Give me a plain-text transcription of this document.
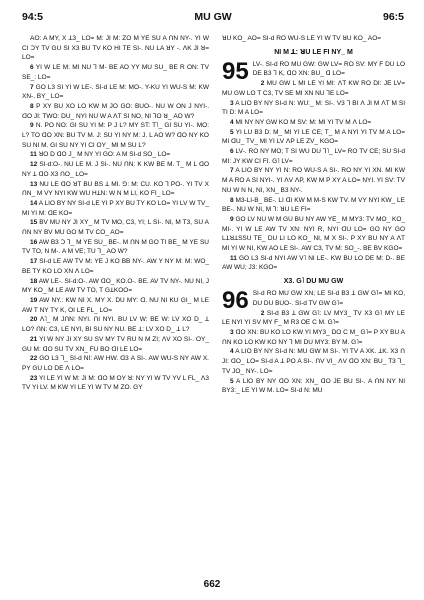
94:5	MU GW	96:5

ꓮO: A MY, X ꓕ3_ LO= M: JI M: ZO M YE SU A ꓵN NY-. YI W CI ꓛY TV GU SI X3 BU TV KO HI TE SI-. NU LA ꓤY -. ꓥK JI ꓤ= LO=

6 YI W LE M: MI NU ꓶ M- BE AO YY MU SU_ BE R ON: TV SE_: LO=

7 GO L3 SI YI W LE-. SI-d LE M: MO-. Y-KU YI WU-S M: KW XN-. BY_ LO=

8 P XY BU XO LO KW M JO GO: BUO-. NU W ON J NYI-. ꓷO JI: TWO: DU_ NYI NU W A ꓥT SI NO, NI ꓶO ꓤ_ AO W?

9 N. PO NO: GI SU YI M: P J L? MY ST: T˥_ GI SU YI-. MO: L? TO ꓷO XN: BU TV M. J: SU YI NY M: J. L AO W? ꓷO NY KO SU NI M. GI SU NY YI CI OY_ MI M SU L?

11 ꓤO D ꓷO J_ M NY YI GO: A M SI-d SO_ LO=

12 SI-d:O-. NU LE M. J SI-. NU ꓵN: K KW BE M. T_ M L ꓷO NY ꓕ ꓷO X3 ꓵO_ LO=

13 NU LE ꓷO ꓤT BU BS ꓕ MI. ꓨ: M: CU. KO ꓶ PO-. YI TV X ꓵN_ M VY NYI KW WU HꓕN: W N M LI, KO FI_ LO=

14 A LIO BY NY SI-d LE YI P XY BU TY KO LO= YI LV W TV_ MI YI M: ꓷE KO=

15 BV MU NY JI XY_ M TV MO, C3, YI; L SI-. NI, M T3, SU A ꓵN NY BV MU GO M TV CO_ AO=

16 AW B3 ꓛ ꓶ_ M YE SU_ BE-. M ꓵN M GO TI BE_ M YE SU TV TO, N M-. A M VE; TU ꓶ_ AO W?

17 SI-d LE AW TV M: YE J KO BB NY-. AW Y NY M: M: WO_ BE TY KO LO XN ꓥ LO=

18 AW LE-. SI-d:O-. AW ꓷO_ KO.O-. BE. AV TV NY-. NU NI, J MY KO_ M LE AW TV TO, T GꓕKOO=

19 AW NY.: KW NI X. MY X. DU MY: ꓷ. NU NI KU GI_ M LE AW T NY TY K, OI LE FL_ LO=

20 ꓥ˥_ M JꓵN: NYI. ꓵI NYI. BU LV W: BE W: LV XO D_ ꓕ LO? ꓵN: C3, LE NYI, BI SU NY NU. BE ꓕ: LV XO D_ ꓕ L?

21 YI W NY JI XY SU SV MY TV RU N M ZI; ꓥV XO SI-. OY_ GU M: ꓷO SU TV XN_ FU BO ꓷI LE LO=

22 GO L3 ꓶ_ SI-d NI: AW HW. ꓷ3 A SI-. AW WU-S NY AW X. PY GU LO DE ꓥ LO=

23 YI LE YI W M: JI M: ꓷO M OY ꓤ: NY YI W TV YV L FL_ ꓥ3 TV YI LV. M KW YI LE YI W TV M ZO. GY

ꓤU KO_ AO= SI-d RO WU-S LE YI W TV ꓤU KO_ AO=

NI M ꓕ: ꓤU LE FI NY_ M
95 LV-. SI-d RO MU GW: GW LV= RO SV: MY F DU LO DE B3 ꓶ K, ꓷO XN: BU_ ꓷ LO=

2 MU GW L MI LE YI MI: ꓥT KW RO DI: JE LV= MU GW LO T C3, TV SE MI XN NU ꓶE LO=

3 A LIO BY NY SI-d N: WU:_ M: SI-. V3 ꓶ BI ꓥ JI M ꓥT M SI TI D: M A LO=

4 MI NY NY GW KO M SV: M: MI YI TV M ꓥ LO=

5 YI LU B3 D: M_ MI YI LE CE; T_ M A NYI YI TV M A LO= MI ꓷU_ TV_ MI YI LV ꓥP LE ZV_ KGO=

6 LV-. RO NY MO; T SI WU DU ꓶ˥_ LV= RO TV CE; SU SI-d MI: JY KW CI FI. G˥ LV=

7 A LIO BY NY YI N: RO WU-S A SI-. RO NY YI XN. MI KW M A RO A SI NYI-. YI ꓥV ꓥP, KW M P XY A LO= NYI. YI SV: TV NU W N N, NI, XN_ B3 NY-.

8 M3-LI-B_ BE-. LI ꓷI KW M M-S KW TV. M VY NYI KW_ LE BE-. NU W NI, M ꓶ: ꓤU LE FI=

9 GO LV NU W M GU BU NY AW YE_ M MY3: TV MO_ KO_ MI-. YI W LE AW TV XN: NYI R, NYI ꓷU LO= GO NY GO LꓕꓤꓕSSU TE_ DU LI LO KO_ NI, M X SI-. P XY BU NY A ꓥT MI YI W NI, KW AO LE SI-. AW C3, TV M: SO_-. BE BV KGO=

11 GO L3 SI-d NYI AW V˥ NI LE-. KW BU LO DE M: D-. BE AW WU; J3: KGO=

X3. G˥ DU MU GW
96 SI-d RO MU GW XN; LE SI-d B3 ꓕ GW G˥= MI KO, DU DU BUO-. SI-d TV GW G˥=

2 SI-d B3 ꓕ GW G˥: LV MY3_ TV X3 G˥ MY LE LE NYI YI SV MY F_ M R3 OE C M. G˥=

3 ꓷO XN: BU KO LO KW YI MY3_ DO C M_ G˥= P XY BU A ꓵN KO LO KW KO NY ꓶ MI DU MY3: BY M. G˥=

4 A LIO BY NY SI-d N: MU GW M SI-. YI TV A XK. ꓕK. X3 ꓵ JI: ꓷO_ LO= SI-d A ꓕ PO A SI-. ꓵV VI_ ꓥV ꓷO XN: BU_ T3 ꓶ_ TV JO_ NY-. LO=

5 A LIO BY NY ꓷO XN: XN_ ꓷO JE BU SI-. A ꓵN NY NI BY3:_ LE YI W M. LO= SI-d N: MU

662
